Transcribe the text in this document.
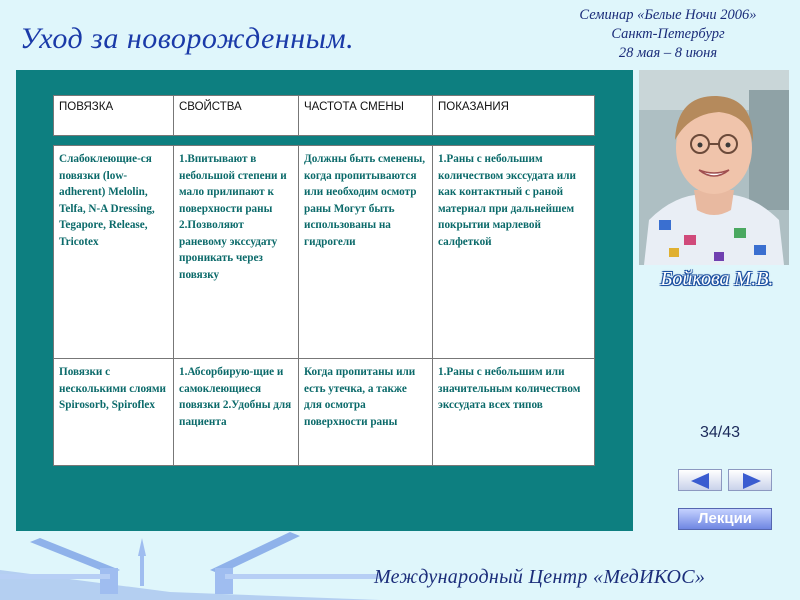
Уход за новорожденным.
Семинар «Белые Ночи 2006»
Санкт-Петербург
28 мая – 8 июня
ПОВЯЗКА	СВОЙСТВА	ЧАСТОТА СМЕНЫ	ПОКАЗАНИЯ
Слабоклеющие-ся повязки (low-adherent) Melolin, Telfa, N-A Dressing, Tegapore, Release, Tricotex	1.Впитывают в небольшой степени и мало прилипают к поверхности раны 2.Позволяют раневому экссудату проникать через повязку	Должны быть сменены, когда пропитываются или необходим осмотр раны Могут быть использованы на гидрогели	1.Раны с небольшим количеством экссудата или как контактный с раной материал при дальнейшем покрытии марлевой салфеткой
Повязки с несколькими слоями Spirosorb, Spiroflex	1.Абсорбирую-щие и самоклеющиеся повязки 2.Удобны для пациента	Когда пропитаны или есть утечка, а также для осмотра поверхности раны	1.Раны с небольшим или значительным количеством экссудата всех типов
Бойкова М.В.
34/43
Лекции
Международный Центр «МедИКОС»
